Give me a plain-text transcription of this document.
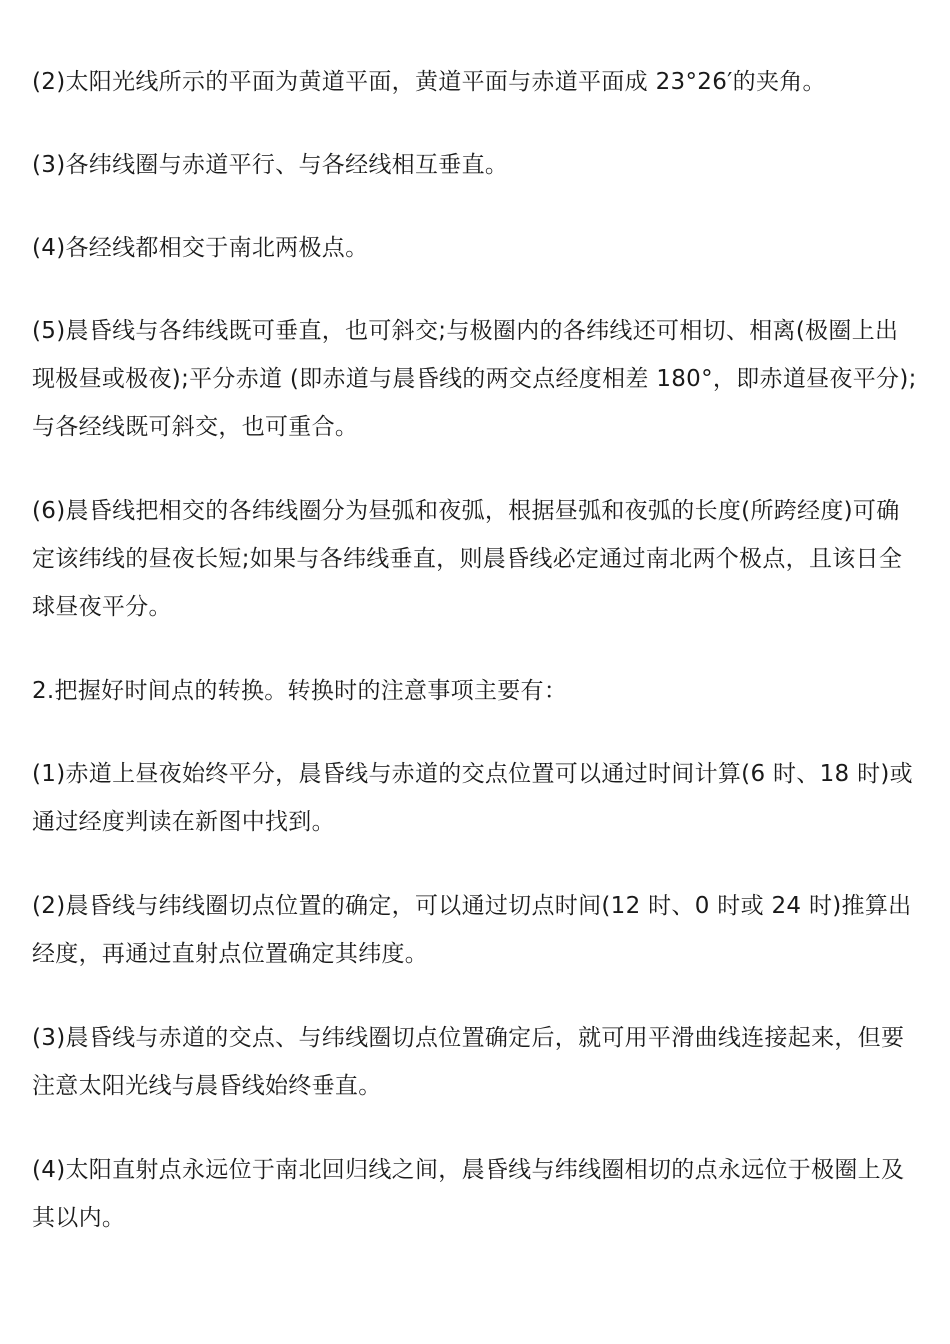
(2)太阳光线所示的平面为黄道平面，黄道平面与赤道平面成 23°26′的夹角。

(3)各纬线圈与赤道平行、与各经线相互垂直。

(4)各经线都相交于南北两极点。

(5)晨昏线与各纬线既可垂直，也可斜交;与极圈内的各纬线还可相切、相离(极圈上出现极昼或极夜);平分赤道 (即赤道与晨昏线的两交点经度相差 180°，即赤道昼夜平分);与各经线既可斜交，也可重合。

(6)晨昏线把相交的各纬线圈分为昼弧和夜弧，根据昼弧和夜弧的长度(所跨经度)可确定该纬线的昼夜长短;如果与各纬线垂直，则晨昏线必定通过南北两个极点，且该日全球昼夜平分。

2.把握好时间点的转换。转换时的注意事项主要有：

(1)赤道上昼夜始终平分，晨昏线与赤道的交点位置可以通过时间计算(6 时、18 时)或通过经度判读在新图中找到。

(2)晨昏线与纬线圈切点位置的确定，可以通过切点时间(12 时、0 时或 24 时)推算出经度，再通过直射点位置确定其纬度。

(3)晨昏线与赤道的交点、与纬线圈切点位置确定后，就可用平滑曲线连接起来，但要注意太阳光线与晨昏线始终垂直。

(4)太阳直射点永远位于南北回归线之间，晨昏线与纬线圈相切的点永远位于极圈上及其以内。
